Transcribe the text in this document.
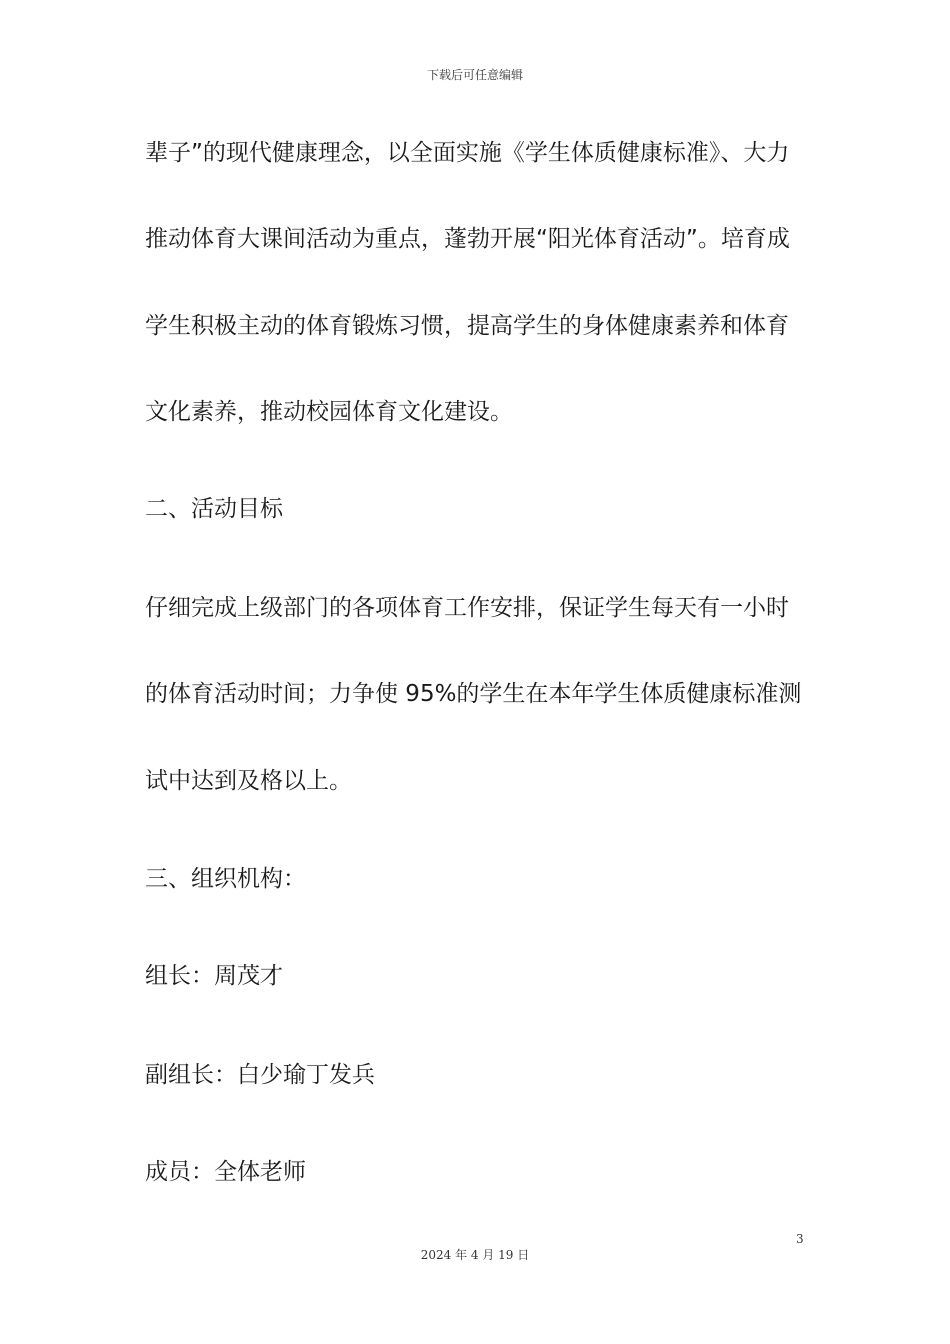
下载后可任意编辑
辈子”的现代健康理念，以全面实施《学生体质健康标准》、大力
推动体育大课间活动为重点，蓬勃开展“阳光体育活动”。培育成
学生积极主动的体育锻炼习惯，提高学生的身体健康素养和体育
文化素养，推动校园体育文化建设。
二、活动目标
仔细完成上级部门的各项体育工作安排，保证学生每天有一小时
的体育活动时间；力争使 95%的学生在本年学生体质健康标准测
试中达到及格以上。
三、组织机构：
组长：周茂才
副组长：白少瑜丁发兵
成员：全体老师
3
2024 年 4 月 19 日
